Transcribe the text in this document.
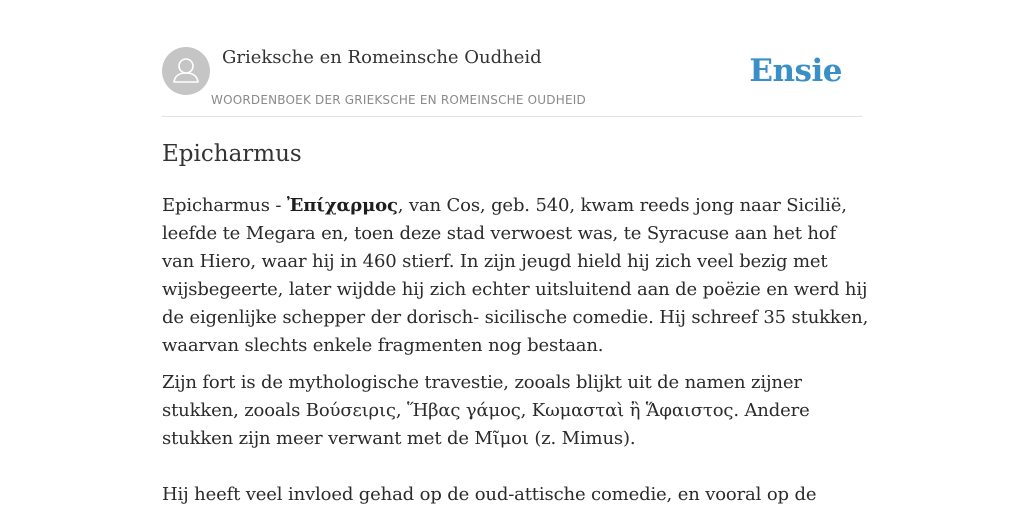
Grieksche en Romeinsche Oudheid
WOORDENBOEK DER GRIEKSCHE EN ROMEINSCHE OUDHEID
Ensie
Epicharmus

Epicharmus - Ἐπίχαρμος, van Cos, geb. 540, kwam reeds jong naar Sicilië, leefde te Megara en, toen deze stad verwoest was, te Syracuse aan het hof van Hiero, waar hij in 460 stierf. In zijn jeugd hield hij zich veel bezig met wijsbegeerte, later wijdde hij zich echter uitsluitend aan de poëzie en werd hij de eigenlijke schepper der dorisch- sicilische comedie. Hij schreef 35 stukken, waarvan slechts enkele fragmenten nog bestaan.

Zijn fort is de mythologische travestie, zooals blijkt uit de namen zijner stukken, zooals Βούσειρις, Ἥβας γάμος, Κωμασταὶ ἢ Ἅφαιστος. Andere stukken zijn meer verwant met de Μῖμοι (z. Mimus).

Hij heeft veel invloed gehad op de oud-attische comedie, en vooral op de
